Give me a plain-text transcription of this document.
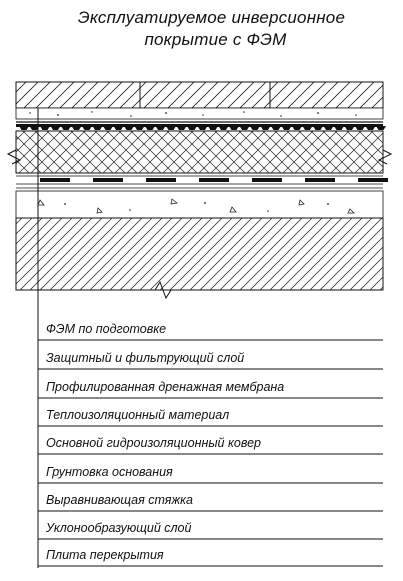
Эксплуатируемое инверсионное
покрытие с ФЭМ
ФЭМ по подготовке
Защитный и фильтрующий слой
Профилированная дренажная мембрана
Теплоизоляционный материал
Основной гидроизоляционный ковер
Грунтовка основания
Выравнивающая стяжка
Уклонообразующий слой
Плита перекрытия
